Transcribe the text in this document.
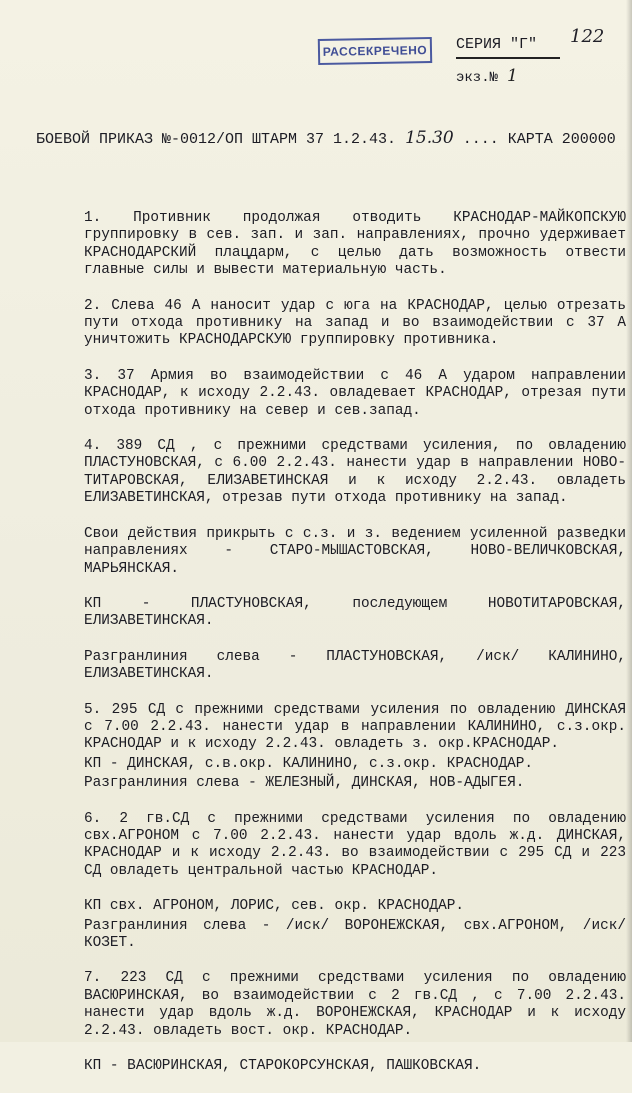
РАССЕКРЕЧЕНО
122
СЕРИЯ "Г"
экз.№ 1
БОЕВОЙ ПРИКАЗ №-0012/ОП ШТАРМ 37 1.2.43. 15.30 .... КАРТА 200000

1. Противник продолжая отводить КРАСНОДАР-МАЙКОПСКУЮ группировку в сев. зап. и зап. направлениях, прочно удерживает КРАСНОДАРСКИЙ плацдарм, с целью дать возможность отвести главные силы и вывести материальную часть.

2. Слева 46 А наносит удар с юга на КРАСНОДАР, целью отрезать пути отхода противнику на запад и во взаимодействии с 37 А уничтожить КРАСНОДАРСКУЮ группировку противника.

3. 37 Армия во взаимодействии с 46 А ударом направлении КРАСНОДАР, к исходу 2.2.43. овладевает КРАСНОДАР, отрезая пути отхода противнику на север и сев.запад.

4. 389 СД , с прежними средствами усиления, по овладению ПЛАСТУНОВСКАЯ, с 6.00 2.2.43. нанести удар в направлении НОВО-ТИТАРОВСКАЯ, ЕЛИЗАВЕТИНСКАЯ и к исходу 2.2.43. овладеть ЕЛИЗАВЕТИНСКАЯ, отрезав пути отхода противнику на запад.

Свои действия прикрыть с с.з. и з. ведением усиленной разведки направлениях - СТАРО-МЫШАСТОВСКАЯ, НОВО-ВЕЛИЧКОВСКАЯ, МАРЬЯНСКАЯ.

КП - ПЛАСТУНОВСКАЯ, последующем НОВОТИТАРОВСКАЯ, ЕЛИЗАВЕТИНСКАЯ.

Разгранлиния слева - ПЛАСТУНОВСКАЯ, /иск/ КАЛИНИНО, ЕЛИЗАВЕТИНСКАЯ.

5. 295 СД с прежними средствами усиления по овладению ДИНСКАЯ с 7.00 2.2.43. нанести удар в направлении КАЛИНИНО, с.з.окр. КРАСНОДАР и к исходу 2.2.43. овладеть з. окр.КРАСНОДАР.

КП - ДИНСКАЯ, с.в.окр. КАЛИНИНО, с.з.окр. КРАСНОДАР.

Разгранлиния слева - ЖЕЛЕЗНЫЙ, ДИНСКАЯ, НОВ-АДЫГЕЯ.

6. 2 гв.СД с прежними средствами усиления по овладению свх.АГРОНОМ с 7.00 2.2.43. нанести удар вдоль ж.д. ДИНСКАЯ, КРАСНОДАР и к исходу 2.2.43. во взаимодействии с 295 СД и 223 СД овладеть центральной частью КРАСНОДАР.

КП свх. АГРОНОМ, ЛОРИС, сев. окр. КРАСНОДАР.

Разгранлиния слева - /иск/ ВОРОНЕЖСКАЯ, свх.АГРОНОМ, /иск/ КОЗЕТ.

7. 223 СД с прежними средствами усиления по овладению ВАСЮРИНСКАЯ, во взаимодействии с 2 гв.СД , с 7.00 2.2.43. нанести удар вдоль ж.д. ВОРОНЕЖСКАЯ, КРАСНОДАР и к исходу 2.2.43. овладеть вост. окр. КРАСНОДАР.

КП - ВАСЮРИНСКАЯ, СТАРОКОРСУНСКАЯ, ПАШКОВСКАЯ.
